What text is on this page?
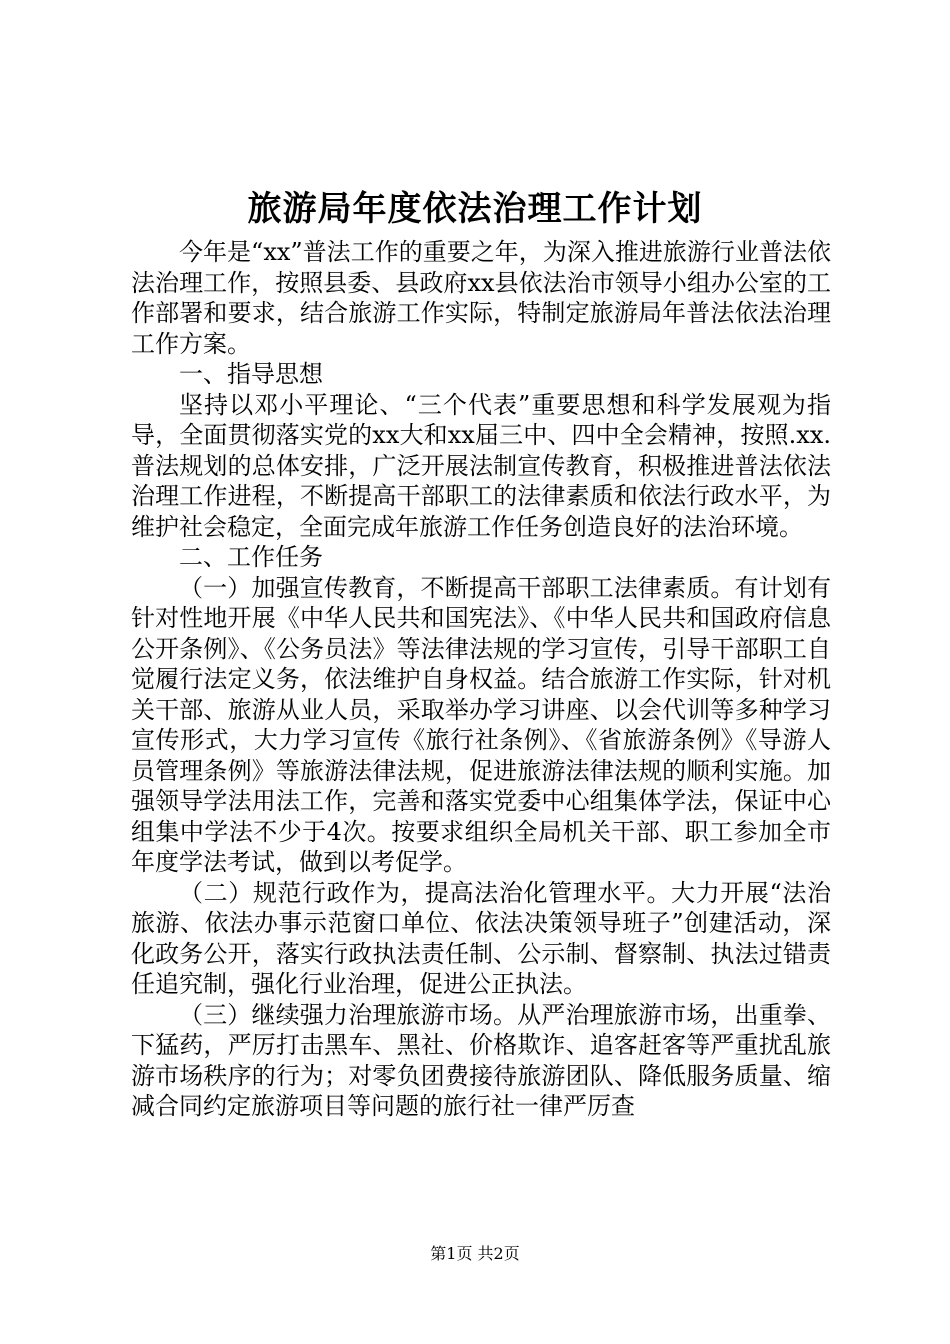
旅游局年度依法治理工作计划

今年是“xx”普法工作的重要之年，为深入推进旅游行业普法依法治理工作，按照县委、县政府xx县依法治市领导小组办公室的工作部署和要求，结合旅游工作实际，特制定旅游局年普法依法治理工作方案。

一、指导思想

坚持以邓小平理论、“三个代表”重要思想和科学发展观为指导，全面贯彻落实党的xx大和xx届三中、四中全会精神，按照.xx.普法规划的总体安排，广泛开展法制宣传教育，积极推进普法依法治理工作进程，不断提高干部职工的法律素质和依法行政水平，为维护社会稳定，全面完成年旅游工作任务创造良好的法治环境。

二、工作任务

（一）加强宣传教育，不断提高干部职工法律素质。有计划有针对性地开展《中华人民共和国宪法》、《中华人民共和国政府信息公开条例》、《公务员法》等法律法规的学习宣传，引导干部职工自觉履行法定义务，依法维护自身权益。结合旅游工作实际，针对机关干部、旅游从业人员，采取举办学习讲座、以会代训等多种学习宣传形式，大力学习宣传《旅行社条例》、《省旅游条例》《导游人员管理条例》等旅游法律法规，促进旅游法律法规的顺利实施。加强领导学法用法工作，完善和落实党委中心组集体学法，保证中心组集中学法不少于4次。按要求组织全局机关干部、职工参加全市年度学法考试，做到以考促学。

（二）规范行政作为，提高法治化管理水平。大力开展“法治旅游、依法办事示范窗口单位、依法决策领导班子”创建活动，深化政务公开，落实行政执法责任制、公示制、督察制、执法过错责任追究制，强化行业治理，促进公正执法。

（三）继续强力治理旅游市场。从严治理旅游市场，出重拳、下猛药，严厉打击黑车、黑社、价格欺诈、追客赶客等严重扰乱旅游市场秩序的行为；对零负团费接待旅游团队、降低服务质量、缩减合同约定旅游项目等问题的旅行社一律严厉查

第1页 共2页
